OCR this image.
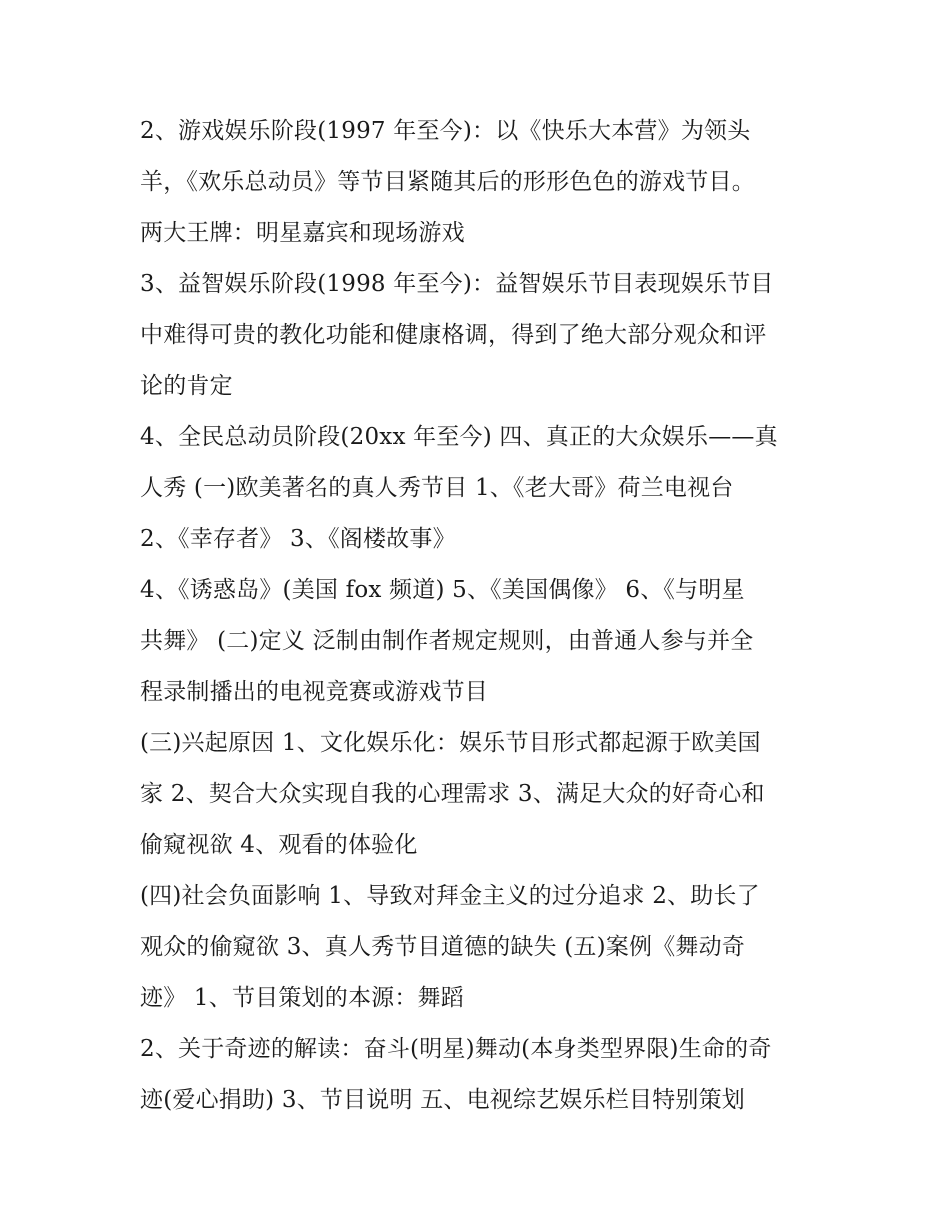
2、游戏娱乐阶段(1997 年至今)：以《快乐大本营》为领头
羊，《欢乐总动员》等节目紧随其后的形形色色的游戏节目。
两大王牌：明星嘉宾和现场游戏
3、益智娱乐阶段(1998 年至今)：益智娱乐节目表现娱乐节目
中难得可贵的教化功能和健康格调，得到了绝大部分观众和评
论的肯定
4、全民总动员阶段(20xx 年至今) 四、真正的大众娱乐——真
人秀 (一)欧美著名的真人秀节目 1、《老大哥》荷兰电视台
2、《幸存者》 3、《阁楼故事》
4、《诱惑岛》(美国 fox 频道) 5、《美国偶像》 6、《与明星
共舞》 (二)定义 泛制由制作者规定规则，由普通人参与并全
程录制播出的电视竞赛或游戏节目
(三)兴起原因 1、文化娱乐化：娱乐节目形式都起源于欧美国
家 2、契合大众实现自我的心理需求 3、满足大众的好奇心和
偷窥视欲 4、观看的体验化
(四)社会负面影响 1、导致对拜金主义的过分追求 2、助长了
观众的偷窥欲 3、真人秀节目道德的缺失 (五)案例《舞动奇
迹》 1、节目策划的本源：舞蹈
2、关于奇迹的解读：奋斗(明星)舞动(本身类型界限)生命的奇
迹(爱心捐助) 3、节目说明 五、电视综艺娱乐栏目特别策划
